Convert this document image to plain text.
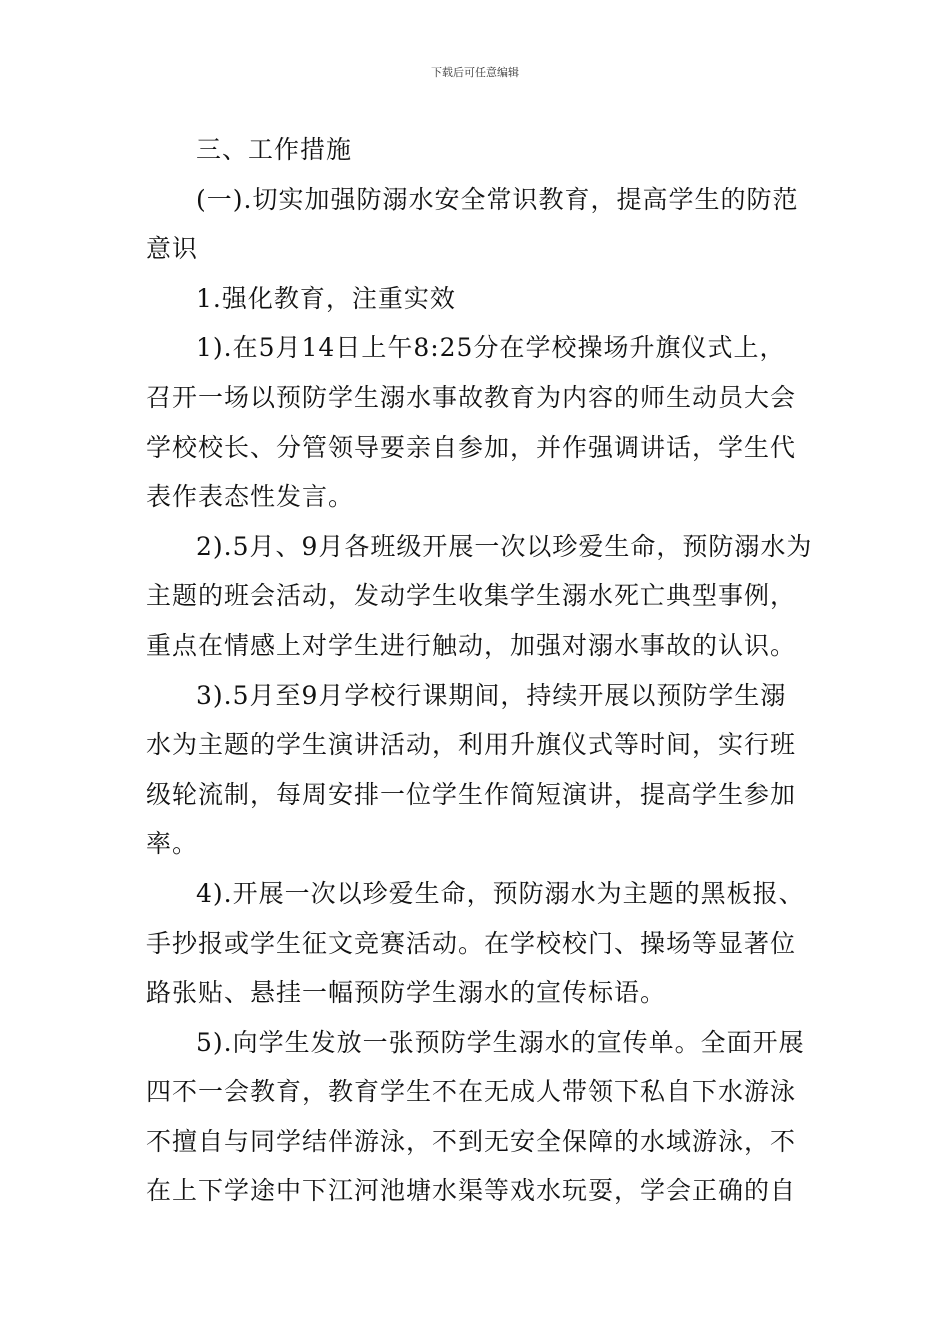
下载后可任意编辑
三、工作措施
(一).切实加强防溺水安全常识教育，提高学生的防范
意识
1.强化教育，注重实效
1).在5月14日上午8:25分在学校操场升旗仪式上，
召开一场以预防学生溺水事故教育为内容的师生动员大会
学校校长、分管领导要亲自参加，并作强调讲话，学生代
表作表态性发言。
2).5月、9月各班级开展一次以珍爱生命，预防溺水为
主题的班会活动，发动学生收集学生溺水死亡典型事例，
重点在情感上对学生进行触动，加强对溺水事故的认识。
3).5月至9月学校行课期间，持续开展以预防学生溺
水为主题的学生演讲活动，利用升旗仪式等时间，实行班
级轮流制，每周安排一位学生作简短演讲，提高学生参加
率。
4).开展一次以珍爱生命，预防溺水为主题的黑板报、
手抄报或学生征文竞赛活动。在学校校门、操场等显著位
路张贴、悬挂一幅预防学生溺水的宣传标语。
5).向学生发放一张预防学生溺水的宣传单。全面开展
四不一会教育，教育学生不在无成人带领下私自下水游泳
不擅自与同学结伴游泳，不到无安全保障的水域游泳，不
在上下学途中下江河池塘水渠等戏水玩耍，学会正确的自
